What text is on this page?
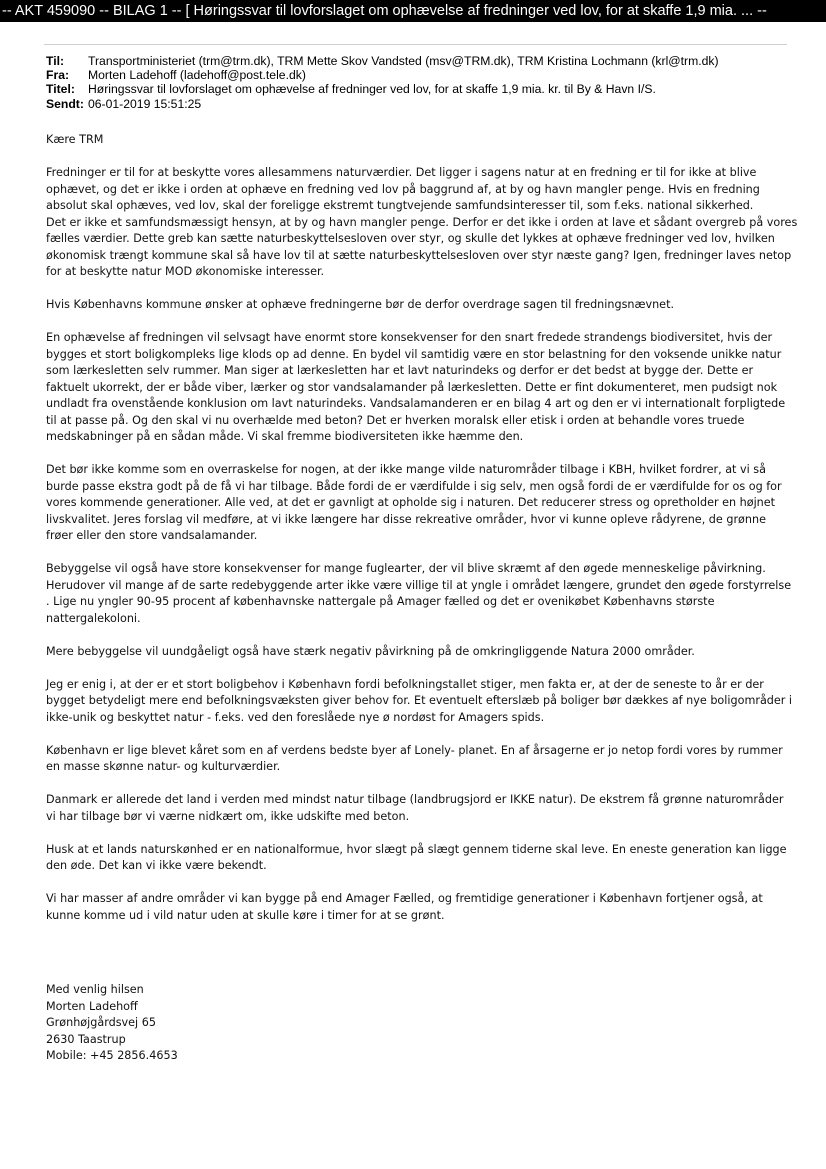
-- AKT 459090 -- BILAG 1 -- [ Høringssvar til lovforslaget om ophævelse af fredninger ved lov, for at skaffe 1,9 mia. ... --
Til:	Transportministeriet (trm@trm.dk), TRM Mette Skov Vandsted (msv@TRM.dk), TRM Kristina Lochmann (krl@trm.dk)
Fra:	Morten Ladehoff (ladehoff@post.tele.dk)
Titel:	Høringssvar til lovforslaget om ophævelse af fredninger ved lov, for at skaffe 1,9 mia. kr. til By & Havn I/S.
Sendt: 06-01-2019 15:51:25
Kære TRM

Fredninger er til for at beskytte vores allesammens naturværdier. Det ligger i sagens natur at en fredning er til for ikke at blive
ophævet, og det er ikke i orden at ophæve en fredning ved lov på baggrund af, at by og havn mangler penge. Hvis en fredning
absolut skal ophæves, ved lov, skal der foreligge ekstremt tungtvejende samfundsinteresser til, som f.eks. national sikkerhed.
Det er ikke et samfundsmæssigt hensyn, at by og havn mangler penge. Derfor er det ikke i orden at lave et sådant overgreb på vores
fælles værdier. Dette greb kan sætte naturbeskyttelsesloven over styr, og skulle det lykkes at ophæve fredninger ved lov, hvilken
økonomisk trængt kommune skal så have lov til at sætte naturbeskyttelsesloven over styr næste gang? Igen, fredninger laves netop
for at beskytte natur MOD økonomiske interesser.

Hvis Københavns kommune ønsker at ophæve fredningerne bør de derfor overdrage sagen til fredningsnævnet.

En ophævelse af fredningen vil selvsagt have enormt store konsekvenser for den snart fredede strandengs biodiversitet, hvis der
bygges et stort boligkompleks lige klods op ad denne. En bydel vil samtidig være en stor belastning for den voksende unikke natur
som lærkesletten selv rummer. Man siger at lærkesletten har et lavt naturindeks og derfor er det bedst at bygge der. Dette er
faktuelt ukorrekt, der er både viber, lærker og stor vandsalamander på lærkesletten. Dette er fint dokumenteret, men pudsigt nok
undladt fra ovenstående konklusion om lavt naturindeks. Vandsalamanderen er en bilag 4 art og den er vi internationalt forpligtede
til at passe på. Og den skal vi nu overhælde med beton? Det er hverken moralsk eller etisk i orden at behandle vores truede
medskabninger på en sådan måde. Vi skal fremme biodiversiteten ikke hæmme den.

Det bør ikke komme som en overraskelse for nogen, at der ikke mange vilde naturområder tilbage i KBH, hvilket fordrer, at vi så
burde passe ekstra godt på de få vi har tilbage. Både fordi de er værdifulde i sig selv, men også fordi de er værdifulde for os og for
vores kommende generationer. Alle ved, at det er gavnligt at opholde sig i naturen. Det reducerer stress og opretholder en højnet
livskvalitet. Jeres forslag vil medføre, at vi ikke længere har disse rekreative områder, hvor vi kunne opleve rådyrene, de grønne
frøer eller den store vandsalamander.

Bebyggelse vil også have store konsekvenser for mange fuglearter, der vil blive skræmt af den øgede menneskelige påvirkning.
Herudover vil mange af de sarte redebyggende arter ikke være villige til at yngle i området længere, grundet den øgede forstyrrelse
. Lige nu yngler 90-95 procent af københavnske nattergale på Amager fælled og det er ovenikøbet Københavns største
nattergalekoloni.

Mere bebyggelse vil uundgåeligt også have stærk negativ påvirkning på de omkringliggende Natura 2000 områder.

Jeg er enig i, at der er et stort boligbehov i København fordi befolkningstallet stiger, men fakta er, at der de seneste to år er der
bygget betydeligt mere end befolkningsvæksten giver behov for. Et eventuelt efterslæb på boliger bør dækkes af nye boligområder i
ikke-unik og beskyttet natur - f.eks. ved den foreslåede nye ø nordøst for Amagers spids.

København er lige blevet kåret som en af verdens bedste byer af Lonely- planet. En af årsagerne er jo netop fordi vores by rummer
en masse skønne natur- og kulturværdier.

Danmark er allerede det land i verden med mindst natur tilbage (landbrugsjord er IKKE natur). De ekstrem få grønne naturområder
vi har tilbage bør vi værne nidkært om, ikke udskifte med beton.

Husk at et lands naturskønhed er en nationalformue, hvor slægt på slægt gennem tiderne skal leve. En eneste generation kan ligge
den øde. Det kan vi ikke være bekendt.

Vi har masser af andre områder vi kan bygge på end Amager Fælled, og fremtidige generationer i København fortjener også, at
kunne komme ud i vild natur uden at skulle køre i timer for at se grønt.

Med venlig hilsen
Morten Ladehoff
Grønhøjgårdsvej 65
2630 Taastrup
Mobile: +45 2856.4653
